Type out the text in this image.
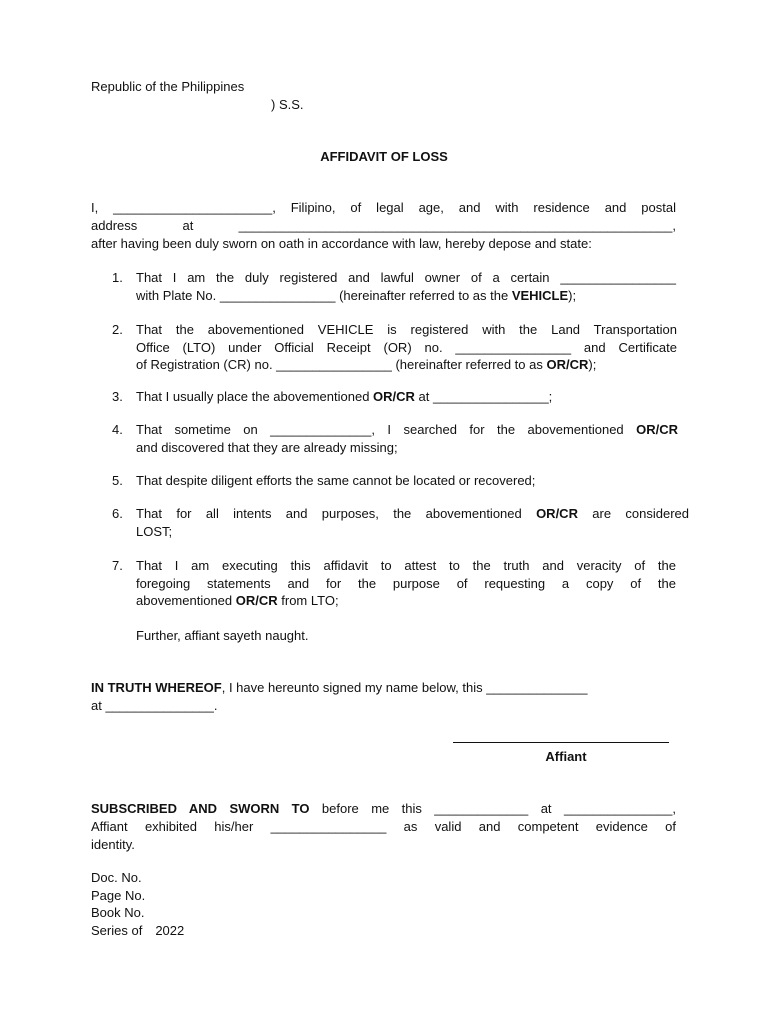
Republic of the Philippines
) S.S.
AFFIDAVIT OF LOSS
I, ______________________, Filipino, of legal age, and with residence and postal
address at ____________________________________________________________,
after having been duly sworn on oath in accordance with law, hereby depose and state:
1. That I am the duly registered and lawful owner of a certain ________________

with Plate No. ________________ (hereinafter referred to as the VEHICLE);

2. That the abovementioned VEHICLE is registered with the Land Transportation

Office (LTO) under Official Receipt (OR) no. ________________ and Certificate

of Registration (CR) no. ________________ (hereinafter referred to as OR/CR);

3. That I usually place the abovementioned OR/CR at ________________;

4. That sometime on ______________, I searched for the abovementioned OR/CR

and discovered that they are already missing;

5. That despite diligent efforts the same cannot be located or recovered;

6. That for all intents and purposes, the abovementioned OR/CR are considered

LOST;

7. That I am executing this affidavit to attest to the truth and veracity of the

foregoing statements and for the purpose of requesting a copy of the

abovementioned OR/CR from LTO;

Further, affiant sayeth naught.
IN TRUTH WHEREOF, I have hereunto signed my name below, this ______________
at _______________.
Affiant
SUBSCRIBED AND SWORN TO before me this _____________ at _______________,
Affiant exhibited his/her ________________ as valid and competent evidence of
identity.
Doc. No.
Page No.
Book No.
Series of 2022
